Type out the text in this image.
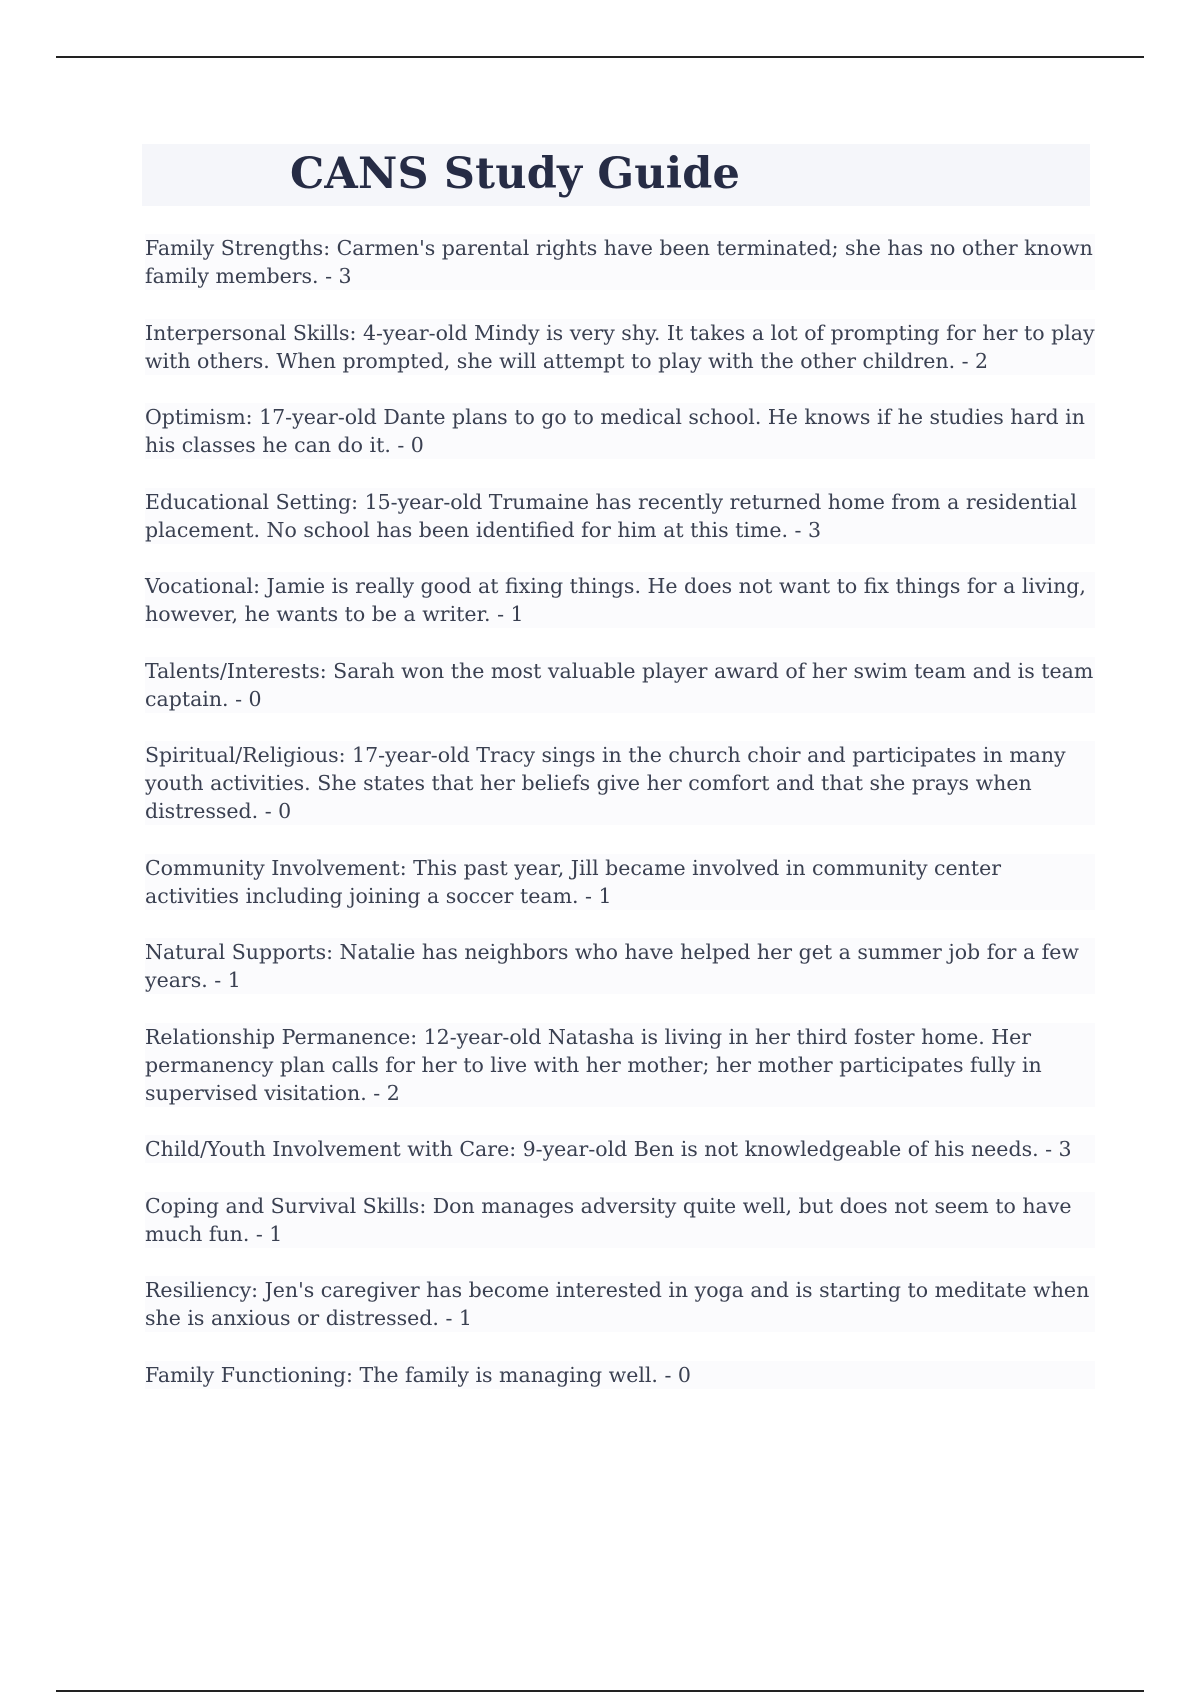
CANS Study Guide

Family Strengths: Carmen's parental rights have been terminated; she has no other known family members. - 3

Interpersonal Skills: 4-year-old Mindy is very shy. It takes a lot of prompting for her to play with others. When prompted, she will attempt to play with the other children. - 2

Optimism: 17-year-old Dante plans to go to medical school. He knows if he studies hard in his classes he can do it. - 0

Educational Setting: 15-year-old Trumaine has recently returned home from a residential placement. No school has been identified for him at this time. - 3

Vocational: Jamie is really good at fixing things. He does not want to fix things for a living, however, he wants to be a writer. - 1

Talents/Interests: Sarah won the most valuable player award of her swim team and is team captain. - 0

Spiritual/Religious: 17-year-old Tracy sings in the church choir and participates in many youth activities. She states that her beliefs give her comfort and that she prays when distressed. - 0

Community Involvement: This past year, Jill became involved in community center activities including joining a soccer team. - 1

Natural Supports: Natalie has neighbors who have helped her get a summer job for a few years. - 1

Relationship Permanence: 12-year-old Natasha is living in her third foster home. Her permanency plan calls for her to live with her mother; her mother participates fully in supervised visitation. - 2

Child/Youth Involvement with Care: 9-year-old Ben is not knowledgeable of his needs. - 3

Coping and Survival Skills: Don manages adversity quite well, but does not seem to have much fun. - 1

Resiliency: Jen's caregiver has become interested in yoga and is starting to meditate when she is anxious or distressed. - 1

Family Functioning: The family is managing well. - 0
